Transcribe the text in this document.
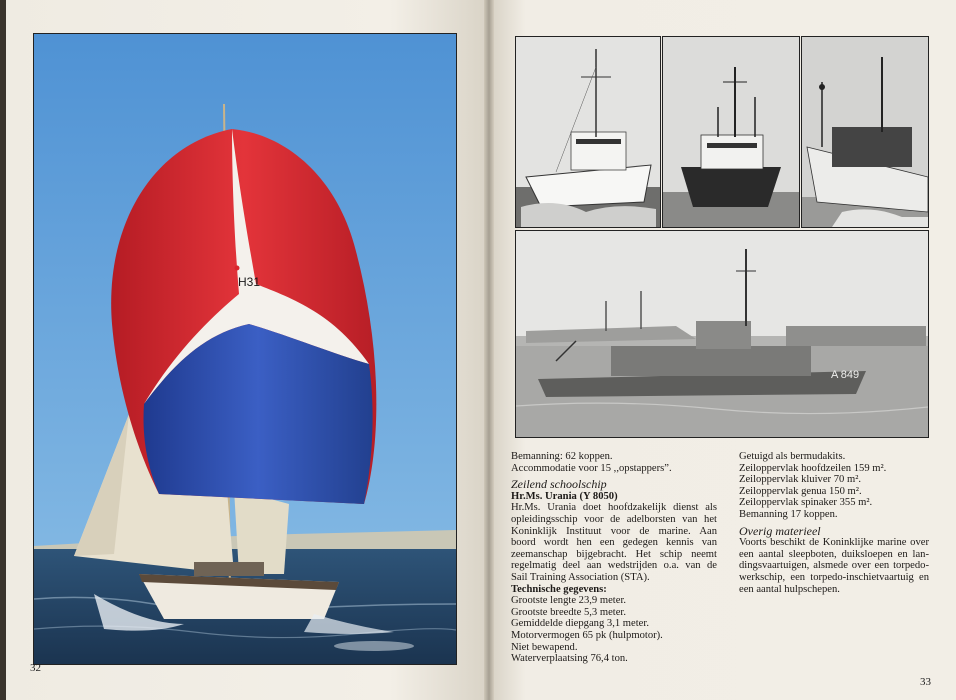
H31
32
A 849
Bemanning: 62 koppen.
Accommodatie voor 15 ,,opstappers”.
Zeilend schoolschip
Hr.Ms. Urania (Y 8050)
Hr.Ms. Urania doet hoofdzakelijk dienst als
opleidingsschip voor de adelborsten van het
Koninklijk Instituut voor de marine. Aan
boord wordt hen een gedegen kennis van
zeemanschap bijgebracht. Het schip neemt
regelmatig deel aan wedstrijden o.a. van de
Sail Training Association (STA).
Technische gegevens:
Grootste lengte 23,9 meter.
Grootste breedte 5,3 meter.
Gemiddelde diepgang 3,1 meter.
Motorvermogen 65 pk (hulpmotor).
Niet bewapend.
Waterverplaatsing 76,4 ton.
Getuigd als bermudakits.
Zeiloppervlak hoofdzeilen 159 m².
Zeiloppervlak kluiver 70 m².
Zeiloppervlak genua 150 m².
Zeiloppervlak spinaker 355 m².
Bemanning 17 koppen.
Overig materieel
Voorts beschikt de Koninklijke marine over
een aantal sleepboten, duiksloepen en lan-
dingsvaartuigen, alsmede over een torpedo-
werkschip, een torpedo-inschietvaartuig en
een aantal hulpschepen.
33
